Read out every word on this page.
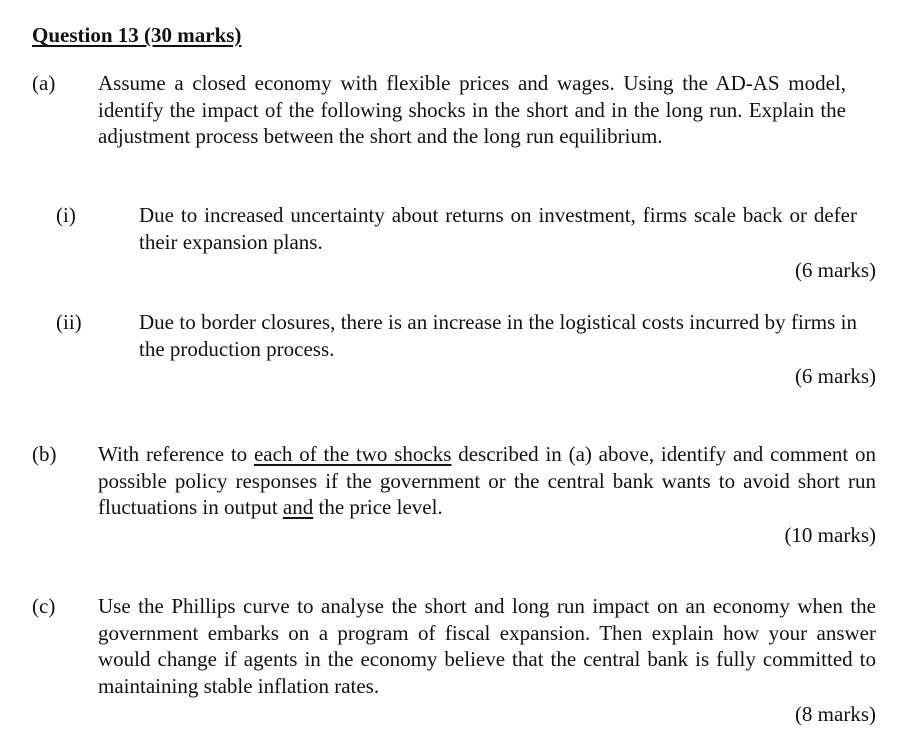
Question 13 (30 marks)
(a) Assume a closed economy with flexible prices and wages. Using the AD-AS model, identify the impact of the following shocks in the short and in the long run. Explain the adjustment process between the short and the long run equilibrium.
(i)	Due to increased uncertainty about returns on investment, firms scale back or defer their expansion plans.
(6 marks)
(ii)	Due to border closures, there is an increase in the logistical costs incurred by firms in the production process.
(6 marks)
(b) With reference to each of the two shocks described in (a) above, identify and comment on possible policy responses if the government or the central bank wants to avoid short run fluctuations in output and the price level.
(10 marks)
(c) Use the Phillips curve to analyse the short and long run impact on an economy when the government embarks on a program of fiscal expansion. Then explain how your answer would change if agents in the economy believe that the central bank is fully committed to maintaining stable inflation rates.
(8 marks)
